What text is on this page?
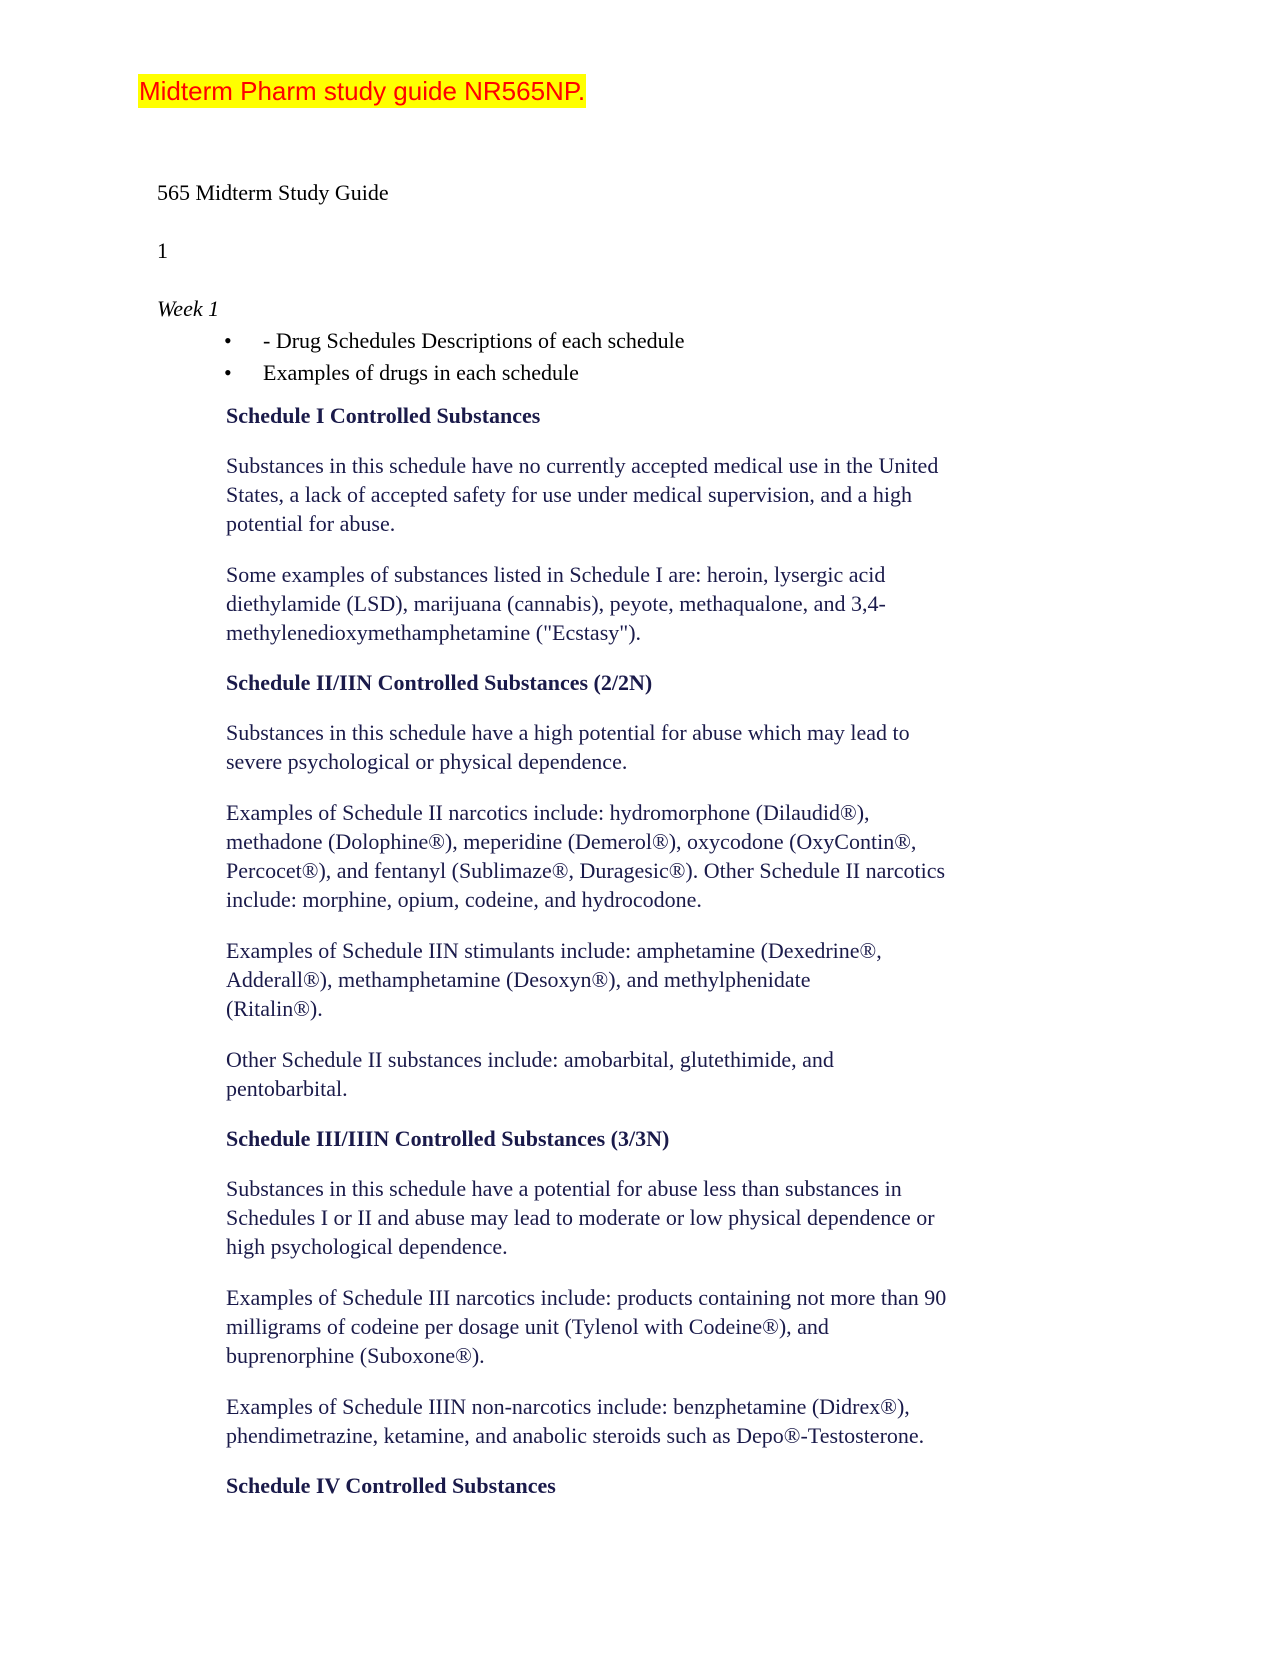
Midterm Pharm study guide NR565NP.

565 Midterm Study Guide

1

Week 1

• - Drug Schedules Descriptions of each schedule
• Examples of drugs in each schedule
Schedule I Controlled Substances

Substances in this schedule have no currently accepted medical use in the United
States, a lack of accepted safety for use under medical supervision, and a high
potential for abuse.

Some examples of substances listed in Schedule I are: heroin, lysergic acid
diethylamide (LSD), marijuana (cannabis), peyote, methaqualone, and 3,4-
methylenedioxymethamphetamine ("Ecstasy").

Schedule II/IIN Controlled Substances (2/2N)

Substances in this schedule have a high potential for abuse which may lead to
severe psychological or physical dependence.

Examples of Schedule II narcotics include: hydromorphone (Dilaudid®),
methadone (Dolophine®), meperidine (Demerol®), oxycodone (OxyContin®,
Percocet®), and fentanyl (Sublimaze®, Duragesic®). Other Schedule II narcotics
include: morphine, opium, codeine, and hydrocodone.

Examples of Schedule IIN stimulants include: amphetamine (Dexedrine®,
Adderall®), methamphetamine (Desoxyn®), and methylphenidate
(Ritalin®).

Other Schedule II substances include: amobarbital, glutethimide, and
pentobarbital.

Schedule III/IIIN Controlled Substances (3/3N)

Substances in this schedule have a potential for abuse less than substances in
Schedules I or II and abuse may lead to moderate or low physical dependence or
high psychological dependence.

Examples of Schedule III narcotics include: products containing not more than 90
milligrams of codeine per dosage unit (Tylenol with Codeine®), and
buprenorphine (Suboxone®).

Examples of Schedule IIIN non-narcotics include: benzphetamine (Didrex®),
phendimetrazine, ketamine, and anabolic steroids such as Depo®-Testosterone.

Schedule IV Controlled Substances
